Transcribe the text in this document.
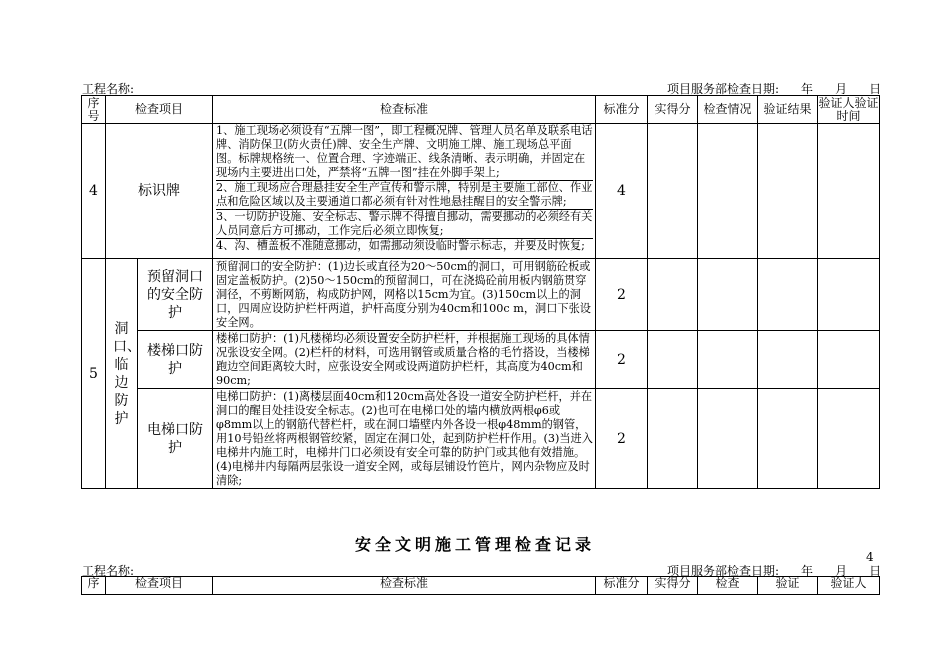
工程名称:	项目服务部检查日期: 年 月 日
序号	检查项目		检查标准	标准分	实得分	检查情况	验证结果	验证人验证时间
4	标识牌		1、施工现场必须设有“五牌一图”，即工程概况牌、管理人员名单及联系电话牌、消防保卫(防火责任)牌、安全生产牌、文明施工牌、施工现场总平面图。标牌规格统一、位置合理、字迹端正、线条清晰、表示明确，并固定在现场内主要进出口处，严禁将“五牌一图”挂在外脚手架上;
2、施工现场应合理悬挂安全生产宣传和警示牌，特别是主要施工部位、作业点和危险区域以及主要通道口都必须有针对性地悬挂醒目的安全警示牌;
3、一切防护设施、安全标志、警示牌不得擅自挪动，需要挪动的必须经有关人员同意后方可挪动，工作完后必须立即恢复;
4、沟、槽盖板不准随意挪动，如需挪动须设临时警示标志，并要及时恢复;	4				
5	洞口、临边防护	预留洞口的安全防护	预留洞口的安全防护：(1)边长或直径为20～50cm的洞口，可用钢筋砼板或固定盖板防护。(2)50～150cm的预留洞口，可在浇捣砼前用板内钢筋贯穿洞径，不剪断网筋，构成防护网，网格以15cm为宜。(3)150cm以上的洞口，四周应设防护栏杆两道，护杆高度分别为40cm和100c m，洞口下张设安全网。	2				
		楼梯口防护	楼梯口防护：(1)凡楼梯均必须设置安全防护栏杆，并根据施工现场的具体情况张设安全网。(2)栏杆的材料，可选用钢管或质量合格的毛竹搭设，当楼梯跑边空间距离较大时，应张设安全网或设两道防护栏杆，其高度为40cm和90cm;	2				
		电梯口防护	电梯口防护：(1)离楼层面40cm和120cm高处各设一道安全防护栏杆，并在洞口的醒目处挂设安全标志。(2)也可在电梯口处的墙内横放两根φ6或φ8mm以上的钢筋代替栏杆，或在洞口墙壁内外各设一根φ48mm的钢管，用10号铅丝将两根钢管绞紧，固定在洞口处，起到防护栏杆作用。(3)当进入电梯井内施工时，电梯井门口必须设有安全可靠的防护门或其他有效措施。(4)电梯井内每隔两层张设一道安全网，或每层铺设竹笆片，网内杂物应及时清除;	2				
安全文明施工管理检查记录
4
工程名称:	项目服务部检查日期: 年 月 日
序	检查项目	检查标准	标准分	实得分	检查	验证	验证人
